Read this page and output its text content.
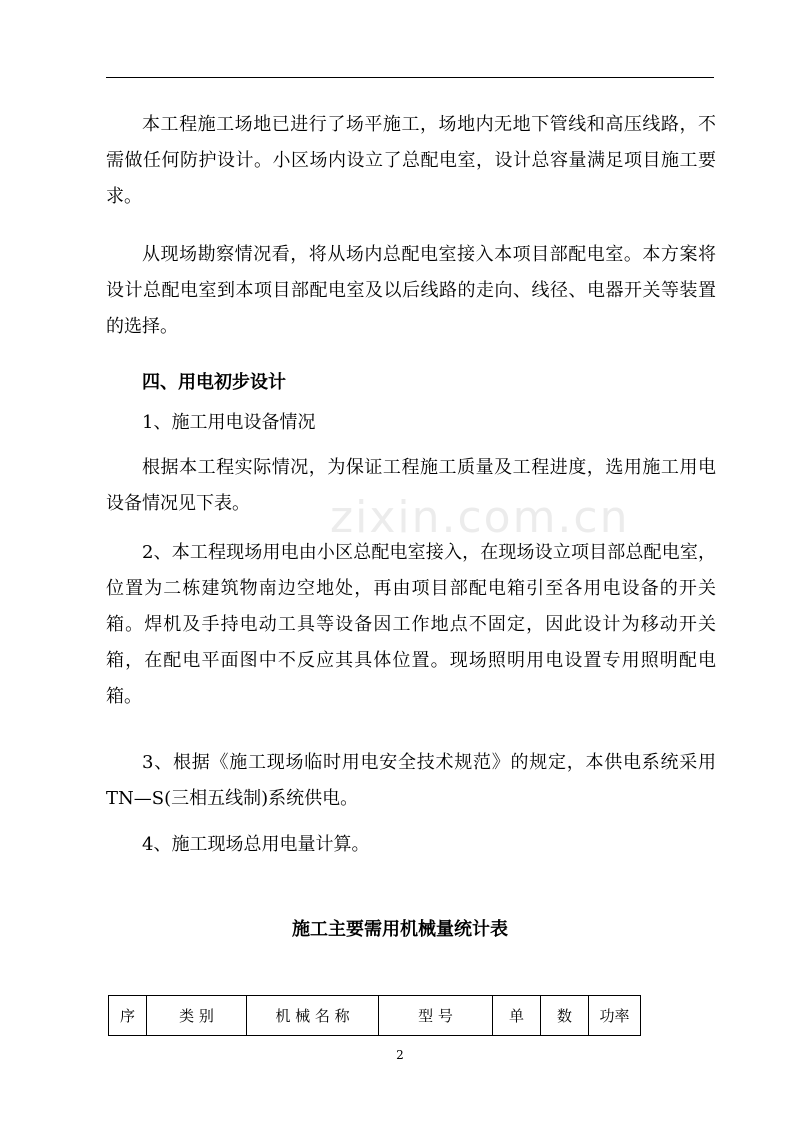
zixin.com.cn

本工程施工场地已进行了场平施工，场地内无地下管线和高压线路，不需做任何防护设计。小区场内设立了总配电室，设计总容量满足项目施工要求。

从现场勘察情况看，将从场内总配电室接入本项目部配电室。本方案将设计总配电室到本项目部配电室及以后线路的走向、线径、电器开关等装置的选择。

四、用电初步设计

1、施工用电设备情况

根据本工程实际情况，为保证工程施工质量及工程进度，选用施工用电设备情况见下表。

2、本工程现场用电由小区总配电室接入，在现场设立项目部总配电室，位置为二栋建筑物南边空地处，再由项目部配电箱引至各用电设备的开关箱。焊机及手持电动工具等设备因工作地点不固定，因此设计为移动开关箱，在配电平面图中不反应其具体位置。现场照明用电设置专用照明配电箱。

3、根据《施工现场临时用电安全技术规范》的规定，本供电系统采用 TN—S(三相五线制)系统供电。

4、施工现场总用电量计算。

施工主要需用机械量统计表
序	类 别	机 械 名 称	型 号	单	数	功率
2
